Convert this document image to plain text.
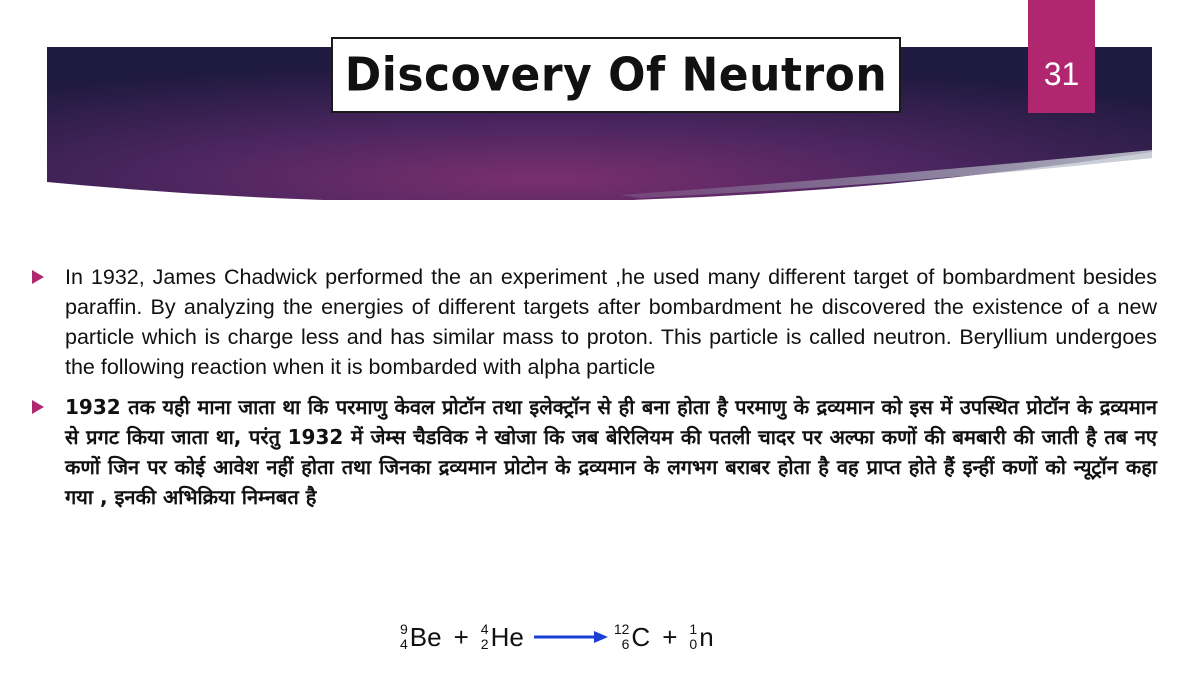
Discovery Of Neutron	31
In 1932, James Chadwick performed the an experiment ,he used many different target of bombardment besides paraffin. By analyzing the energies of different targets after bombardment he discovered the existence of a new particle which is charge less and has similar mass to proton. This particle is called neutron. Beryllium undergoes the following reaction when it is bombarded with alpha particle
1932 तक यही माना जाता था कि परमाणु केवल प्रोटॉन तथा इलेक्ट्रॉन से ही बना होता है परमाणु के द्रव्यमान को इस में उपस्थित प्रोटॉन के द्रव्यमान से प्रगट किया जाता था, परंतु 1932 में जेम्स चैडविक ने खोजा कि जब बेरिलियम की पतली चादर पर अल्फा कणों की बमबारी की जाती है तब नए कणों जिन पर कोई आवेश नहीं होता तथा जिनका द्रव्यमान प्रोटोन के द्रव्यमान के लगभग बराबर होता है वह प्राप्त होते हैं इन्हीं कणों को न्यूट्रॉन कहा गया , इनकी अभिक्रिया निम्नबत है
9
4 Be + 4
2 He → 12
6 C + 1
0 n
